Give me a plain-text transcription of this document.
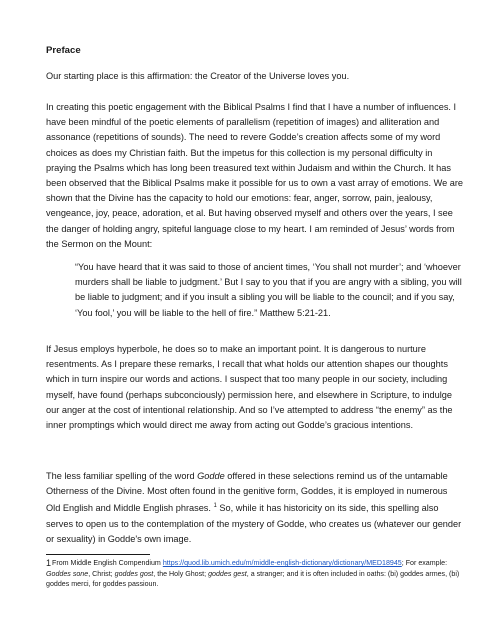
Preface

Our starting place is this affirmation: the Creator of the Universe loves you.

In creating this poetic engagement with the Biblical Psalms I find that I have a number of influences. I have been mindful of the poetic elements of parallelism (repetition of images) and alliteration and assonance (repetitions of sounds). The need to revere Godde’s creation affects some of my word choices as does my Christian faith. But the impetus for this collection is my personal difficulty in praying the Psalms which has long been treasured text within Judaism and within the Church. It has been observed that the Biblical Psalms make it possible for us to own a vast array of emotions. We are shown that the Divine has the capacity to hold our emotions: fear, anger, sorrow, pain, jealousy, vengeance, joy, peace, adoration, et al. But having observed myself and others over the years, I see the danger of holding angry, spiteful language close to my heart. I am reminded of Jesus’ words from the Sermon on the Mount:

“You have heard that it was said to those of ancient times, ‘You shall not murder’; and ‘whoever murders shall be liable to judgment.’ But I say to you that if you are angry with a sibling, you will be liable to judgment; and if you insult a sibling you will be liable to the council; and if you say, ‘You fool,’ you will be liable to the hell of fire.” Matthew 5:21-21.

If Jesus employs hyperbole, he does so to make an important point. It is dangerous to nurture resentments. As I prepare these remarks, I recall that what holds our attention shapes our thoughts which in turn inspire our words and actions. I suspect that too many people in our society, including myself, have found (perhaps subconciously) permission here, and elsewhere in Scripture, to indulge our anger at the cost of intentional relationship. And so I’ve attempted to address “the enemy” as the inner promptings which would direct me away from acting out Godde’s gracious intentions.

The less familiar spelling of the word Godde offered in these selections remind us of the untamable Otherness of the Divine. Most often found in the genitive form, Goddes, it is employed in numerous Old English and Middle English phrases. $^1$ So, while it has historicity on its side, this spelling also serves to open us to the contemplation of the mystery of Godde, who creates us (whatever our gender or sexuality) in Godde's own image.

1From Middle English Compendium https://quod.lib.umich.edu/m/middle-english-dictionary/dictionary/MED18945; For example: Goddes sone, Christ; goddes gost, the Holy Ghost; goddes gest, a stranger; and it is often included in oaths: (bi) goddes armes, (bi) goddes merci, for goddes passioun.
